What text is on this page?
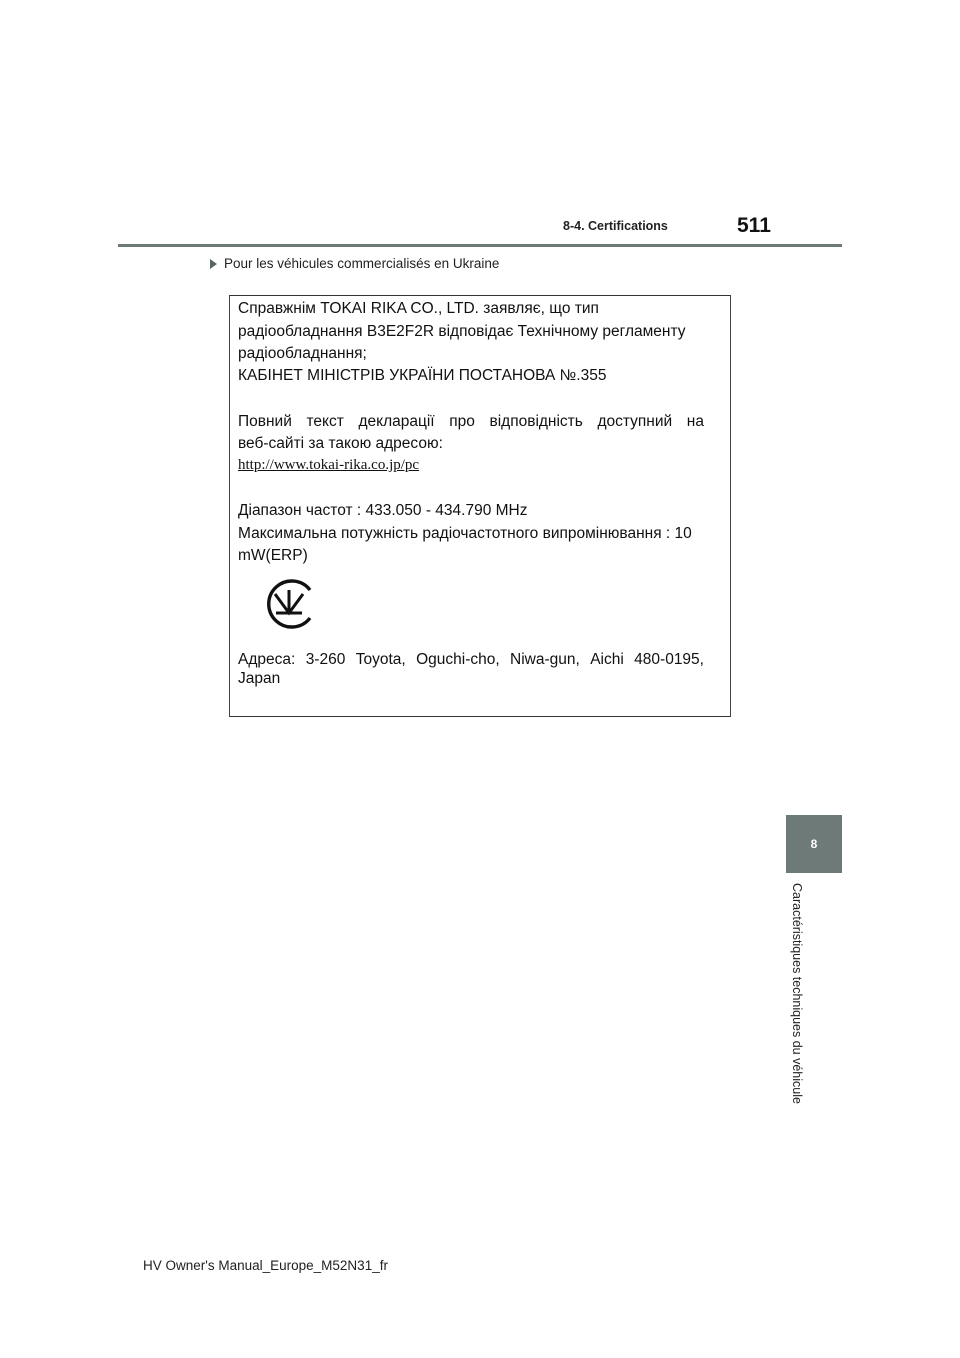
8-4. Certifications	511
Pour les véhicules commercialisés en Ukraine
Справжнім TOKAI RIKA CO., LTD. заявляє, що тип
радіообладнання B3E2F2R відповідає Технічному регламенту
радіообладнання;
КАБІНЕТ МІНІСТРІВ УКРАЇНИ ПОСТАНОВА №.355
Повний текст декларації про відповідність доступний на
веб-сайті за такою адресою:
http://www.tokai-rika.co.jp/pc
Діапазон частот : 433.050 - 434.790 MHz
Максимальна потужність радіочастотного випромінювання : 10
mW(ERP)
Адреса: 3-260 Toyota, Oguchi-cho, Niwa-gun, Aichi 480-0195,
Japan
8
Caractéristiques techniques du véhicule
HV Owner's Manual_Europe_M52N31_fr
